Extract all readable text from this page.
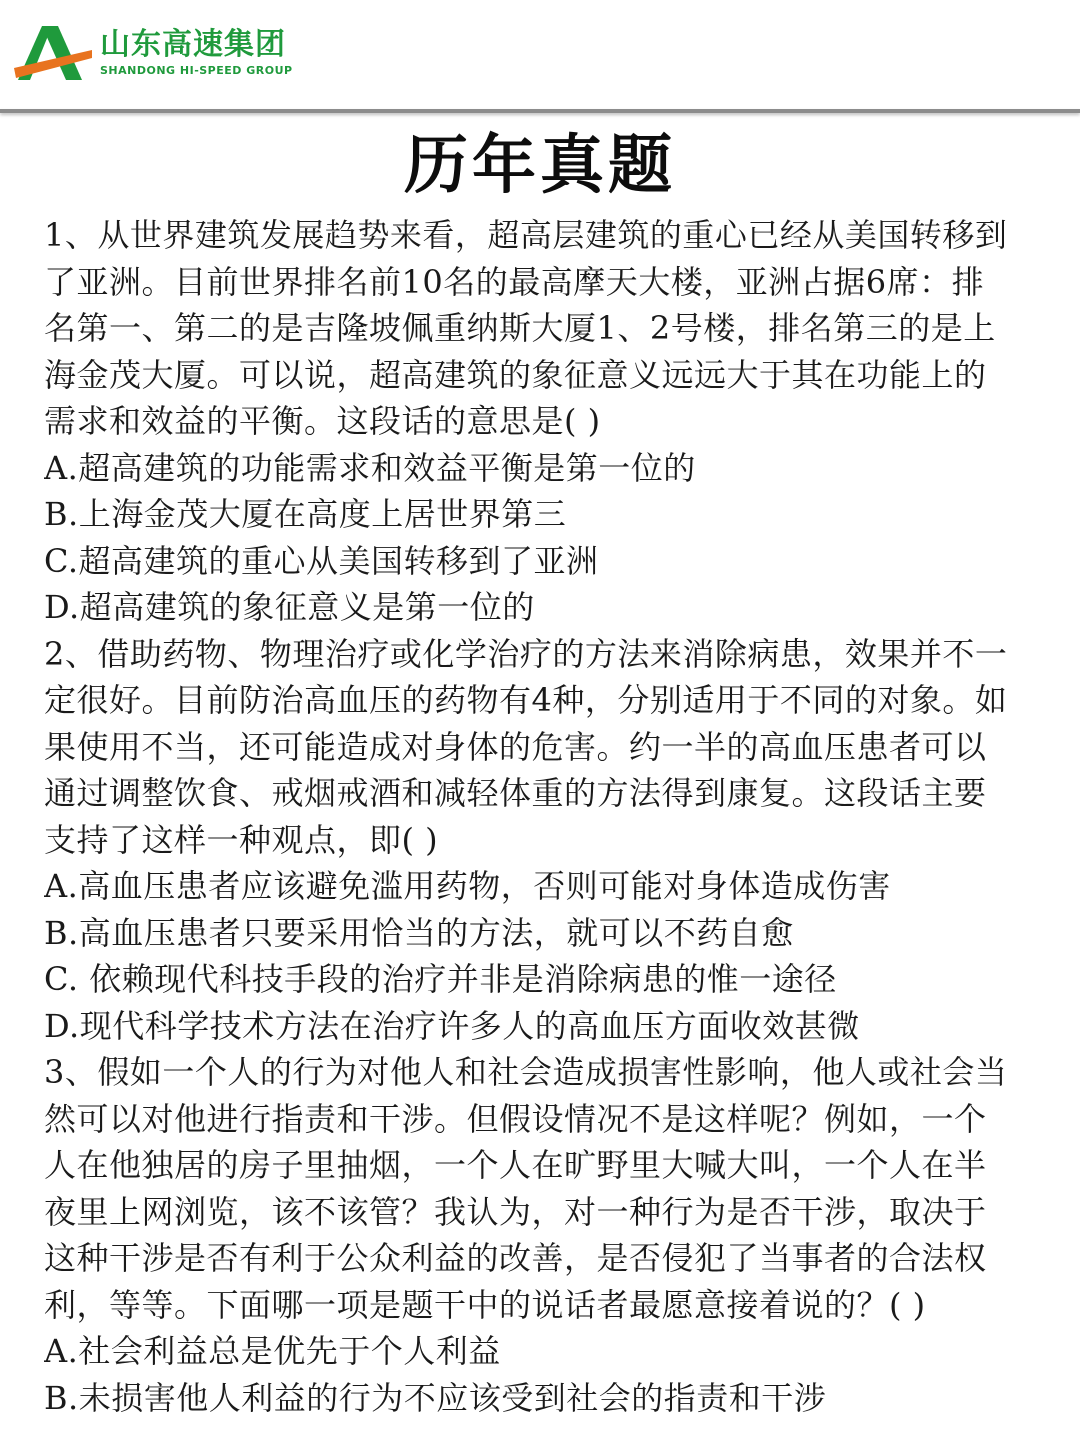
山东高速集团
SHANDONG HI-SPEED GROUP
历年真题
1、从世界建筑发展趋势来看，超高层建筑的重心已经从美国转移到
了亚洲。目前世界排名前10名的最高摩天大楼，亚洲占据6席：排
名第一、第二的是吉隆坡佩重纳斯大厦1、2号楼，排名第三的是上
海金茂大厦。可以说，超高建筑的象征意义远远大于其在功能上的
需求和效益的平衡。这段话的意思是( )
A.超高建筑的功能需求和效益平衡是第一位的
B.上海金茂大厦在高度上居世界第三
C.超高建筑的重心从美国转移到了亚洲
D.超高建筑的象征意义是第一位的
2、借助药物、物理治疗或化学治疗的方法来消除病患，效果并不一
定很好。目前防治高血压的药物有4种，分别适用于不同的对象。如
果使用不当，还可能造成对身体的危害。约一半的高血压患者可以
通过调整饮食、戒烟戒酒和减轻体重的方法得到康复。这段话主要
支持了这样一种观点，即( )
A.高血压患者应该避免滥用药物，否则可能对身体造成伤害
B.高血压患者只要采用恰当的方法，就可以不药自愈
C. 依赖现代科技手段的治疗并非是消除病患的惟一途径
D.现代科学技术方法在治疗许多人的高血压方面收效甚微
3、假如一个人的行为对他人和社会造成损害性影响，他人或社会当
然可以对他进行指责和干涉。但假设情况不是这样呢？例如，一个
人在他独居的房子里抽烟，一个人在旷野里大喊大叫，一个人在半
夜里上网浏览，该不该管？我认为，对一种行为是否干涉，取决于
这种干涉是否有利于公众利益的改善，是否侵犯了当事者的合法权
利，等等。下面哪一项是题干中的说话者最愿意接着说的？( )
A.社会利益总是优先于个人利益
B.未损害他人利益的行为不应该受到社会的指责和干涉
